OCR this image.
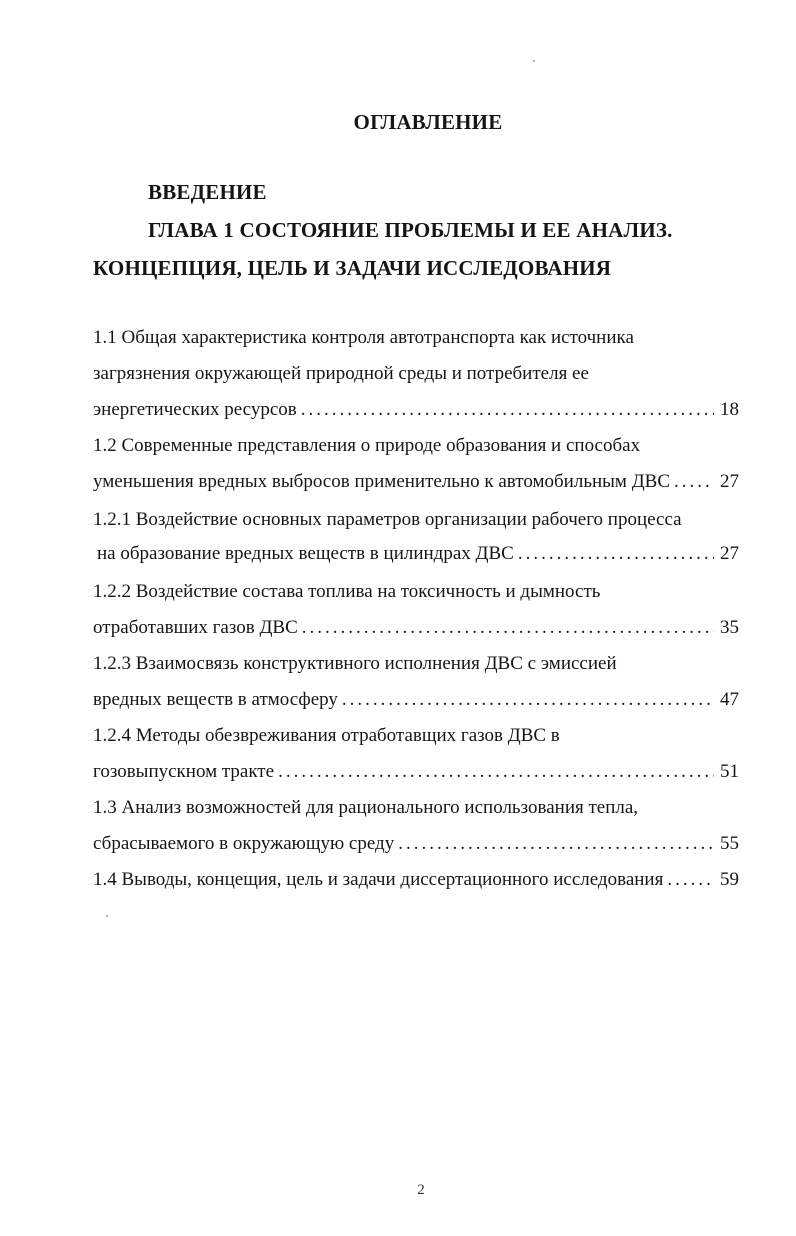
ОГЛАВЛЕНИЕ
ВВЕДЕНИЕ
ГЛАВА 1 СОСТОЯНИЕ ПРОБЛЕМЫ И ЕЕ АНАЛИЗ.
КОНЦЕПЦИЯ, ЦЕЛЬ И ЗАДАЧИ ИССЛЕДОВАНИЯ
1.1 Общая характеристика контроля автотранспорта как источника
загрязнения окружающей природной среды и потребителя ее
энергетических ресурсов .....	18
1.2 Современные представления о природе образования и способах
уменьшения вредных выбросов применительно к автомобильным ДВС .....	27
1.2.1 Воздействие основных параметров организации рабочего процесса
на образование вредных веществ в цилиндрах ДВС .....	27
1.2.2 Воздействие состава топлива на токсичность и дымность
отработавших газов ДВС .....	35
1.2.3 Взаимосвязь конструктивного исполнения ДВС с эмиссией
вредных веществ в атмосферу .....	47
1.2.4 Методы обезвреживания отработавщих газов ДВС в
гозовыпускном тракте .....	51
1.3 Анализ возможностей для рационального использования тепла,
сбрасываемого в окружающую среду .....	55
1.4 Выводы, концещия, цель и задачи диссертационного исследования .....	59
2
